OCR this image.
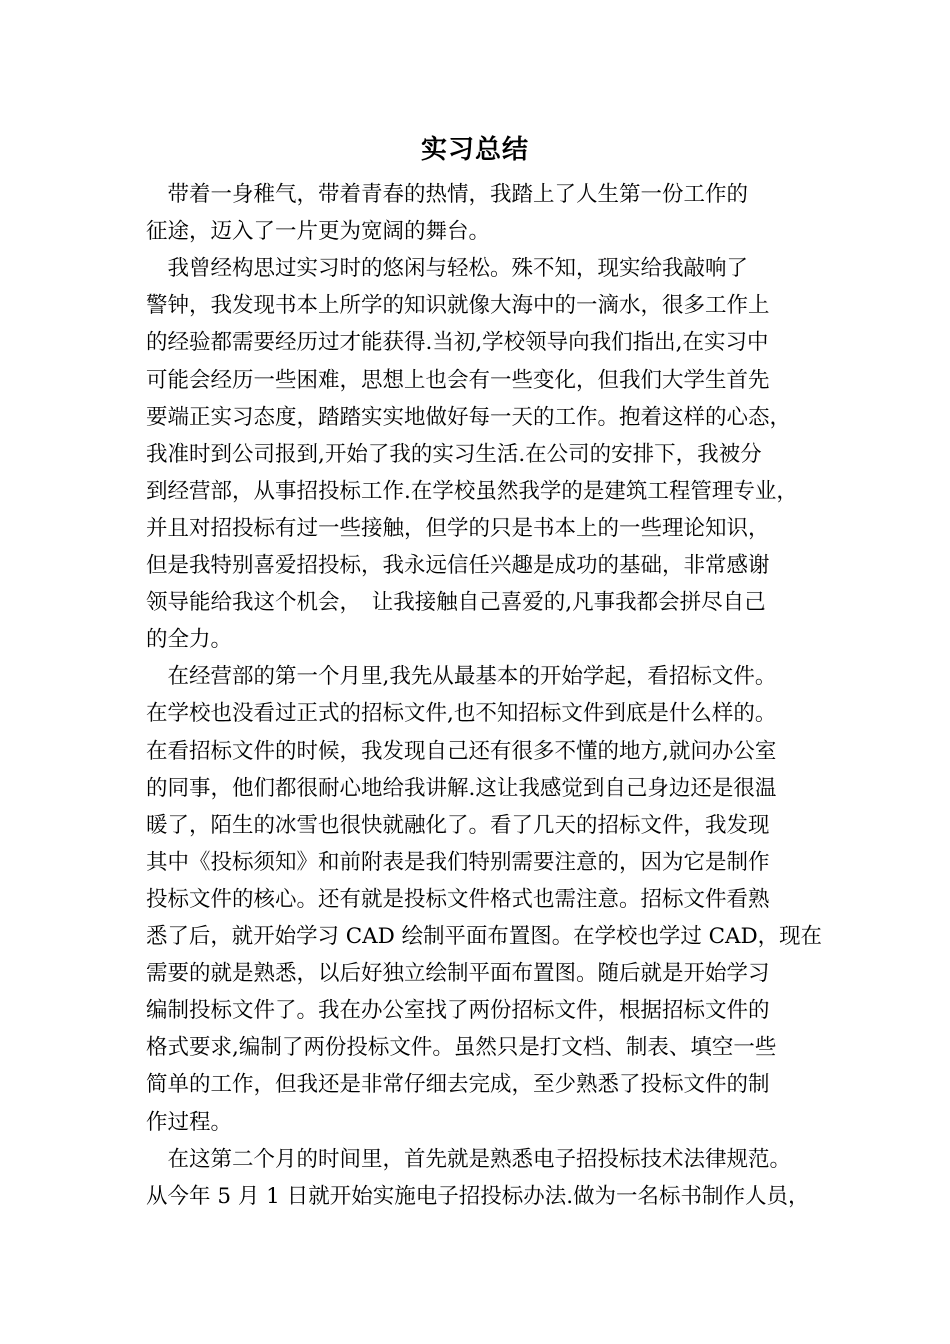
实习总结
　带着一身稚气，带着青春的热情，我踏上了人生第一份工作的
征途，迈入了一片更为宽阔的舞台。
　我曾经构思过实习时的悠闲与轻松。殊不知，现实给我敲响了
警钟，我发现书本上所学的知识就像大海中的一滴水，很多工作上
的经验都需要经历过才能获得.当初,学校领导向我们指出,在实习中
可能会经历一些困难，思想上也会有一些变化，但我们大学生首先
要端正实习态度，踏踏实实地做好每一天的工作。抱着这样的心态，
我准时到公司报到,开始了我的实习生活.在公司的安排下，我被分
到经营部，从事招投标工作.在学校虽然我学的是建筑工程管理专业，
并且对招投标有过一些接触，但学的只是书本上的一些理论知识，
但是我特别喜爱招投标，我永远信任兴趣是成功的基础，非常感谢
领导能给我这个机会，　让我接触自己喜爱的,凡事我都会拼尽自己
的全力。
　在经营部的第一个月里,我先从最基本的开始学起，看招标文件。
在学校也没看过正式的招标文件,也不知招标文件到底是什么样的。
在看招标文件的时候，我发现自己还有很多不懂的地方,就问办公室
的同事，他们都很耐心地给我讲解.这让我感觉到自己身边还是很温
暖了，陌生的冰雪也很快就融化了。看了几天的招标文件，我发现
其中《投标须知》和前附表是我们特别需要注意的，因为它是制作
投标文件的核心。还有就是投标文件格式也需注意。招标文件看熟
悉了后，就开始学习 CAD 绘制平面布置图。在学校也学过 CAD，现在
需要的就是熟悉，以后好独立绘制平面布置图。随后就是开始学习
编制投标文件了。我在办公室找了两份招标文件，根据招标文件的
格式要求,编制了两份投标文件。虽然只是打文档、制表、填空一些
简单的工作，但我还是非常仔细去完成，至少熟悉了投标文件的制
作过程。
　在这第二个月的时间里，首先就是熟悉电子招投标技术法律规范。
从今年 5 月 1 日就开始实施电子招投标办法.做为一名标书制作人员，
